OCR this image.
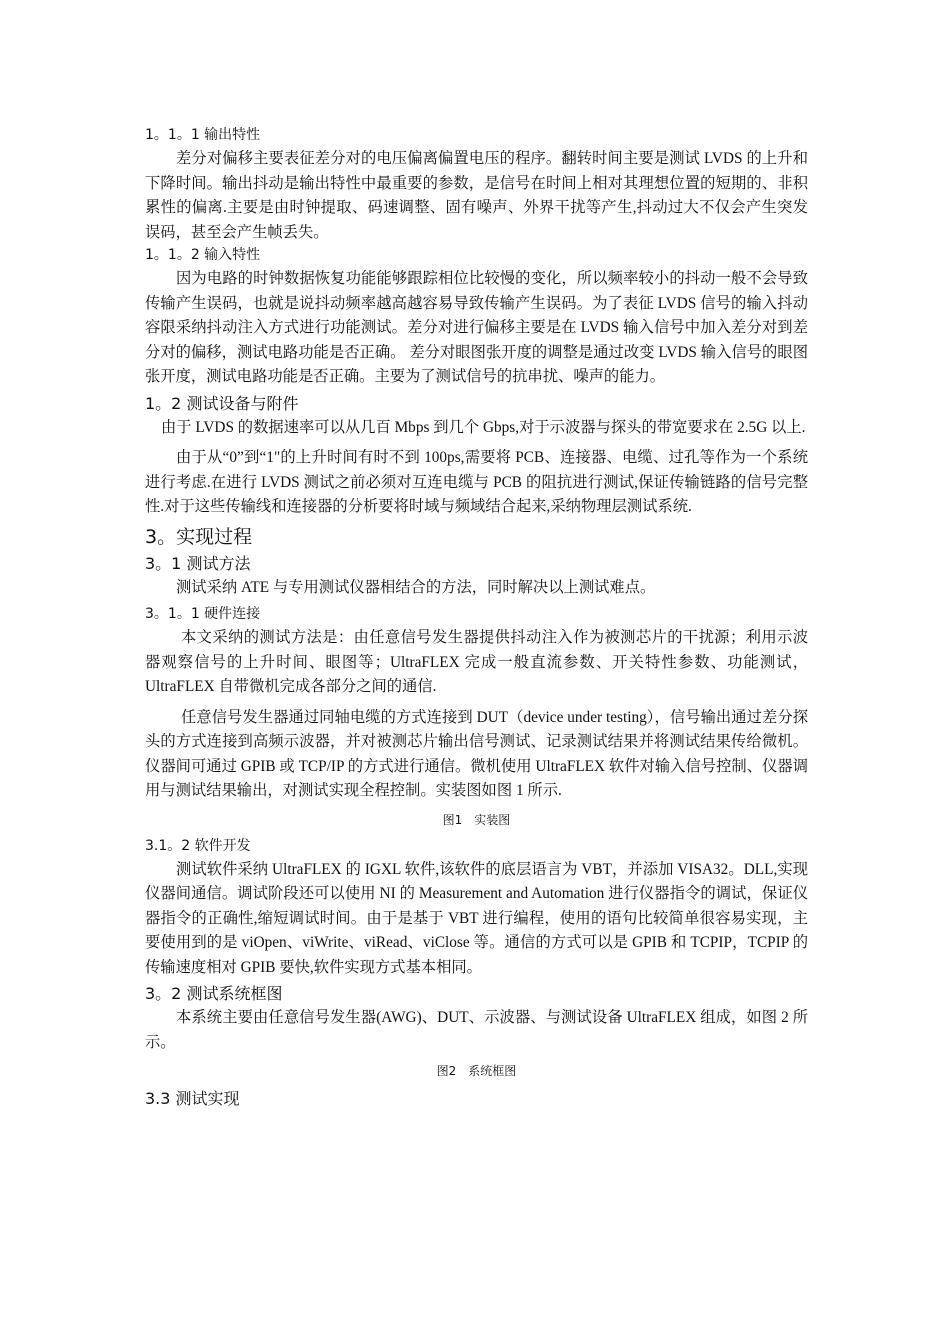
1。1。1 输出特性

差分对偏移主要表征差分对的电压偏离偏置电压的程序。翻转时间主要是测试 LVDS 的上升和下降时间。输出抖动是输出特性中最重要的参数，是信号在时间上相对其理想位置的短期的、非积累性的偏离.主要是由时钟提取、码速调整、固有噪声、外界干扰等产生,抖动过大不仅会产生突发误码，甚至会产生帧丢失。

1。1。2 输入特性

因为电路的时钟数据恢复功能能够跟踪相位比较慢的变化，所以频率较小的抖动一般不会导致传输产生误码，也就是说抖动频率越高越容易导致传输产生误码。为了表征 LVDS 信号的输入抖动容限采纳抖动注入方式进行功能测试。差分对进行偏移主要是在 LVDS 输入信号中加入差分对到差分对的偏移，测试电路功能是否正确。 差分对眼图张开度的调整是通过改变 LVDS 输入信号的眼图张开度，测试电路功能是否正确。主要为了测试信号的抗串扰、噪声的能力。

1。2 测试设备与附件

由于 LVDS 的数据速率可以从几百 Mbps 到几个 Gbps,对于示波器与探头的带宽要求在 2.5G 以上.

由于从“0”到“1"的上升时间有时不到 100ps,需要将 PCB、连接器、电缆、过孔等作为一个系统进行考虑.在进行 LVDS 测试之前必须对互连电缆与 PCB 的阻抗进行测试,保证传输链路的信号完整性.对于这些传输线和连接器的分析要将时域与频域结合起来,采纳物理层测试系统.

3。实现过程
3。1 测试方法

测试采纳 ATE 与专用测试仪器相结合的方法，同时解决以上测试难点。

3。1。1 硬件连接

本文采纳的测试方法是：由任意信号发生器提供抖动注入作为被测芯片的干扰源；利用示波器观察信号的上升时间、眼图等；UltraFLEX 完成一般直流参数、开关特性参数、功能测试，UltraFLEX 自带微机完成各部分之间的通信.

任意信号发生器通过同轴电缆的方式连接到 DUT（device under testing），信号输出通过差分探头的方式连接到高频示波器，并对被测芯片输出信号测试、记录测试结果并将测试结果传给微机。仪器间可通过 GPIB 或 TCP/IP 的方式进行通信。微机使用 UltraFLEX 软件对输入信号控制、仪器调用与测试结果输出，对测试实现全程控制。实装图如图 1 所示.

图1　实装图
3.1。2 软件开发

测试软件采纳 UltraFLEX 的 IGXL 软件,该软件的底层语言为 VBT，并添加 VISA32。DLL,实现仪器间通信。调试阶段还可以使用 NI 的 Measurement and Automation 进行仪器指令的调试，保证仪器指令的正确性,缩短调试时间。由于是基于 VBT 进行编程，使用的语句比较简单很容易实现，主要使用到的是 viOpen、viWrite、viRead、viClose 等。通信的方式可以是 GPIB 和 TCPIP，TCPIP 的传输速度相对 GPIB 要快,软件实现方式基本相同。

3。2 测试系统框图

本系统主要由任意信号发生器(AWG)、DUT、示波器、与测试设备 UltraFLEX 组成，如图 2 所示。

图2　系统框图
3.3 测试实现
